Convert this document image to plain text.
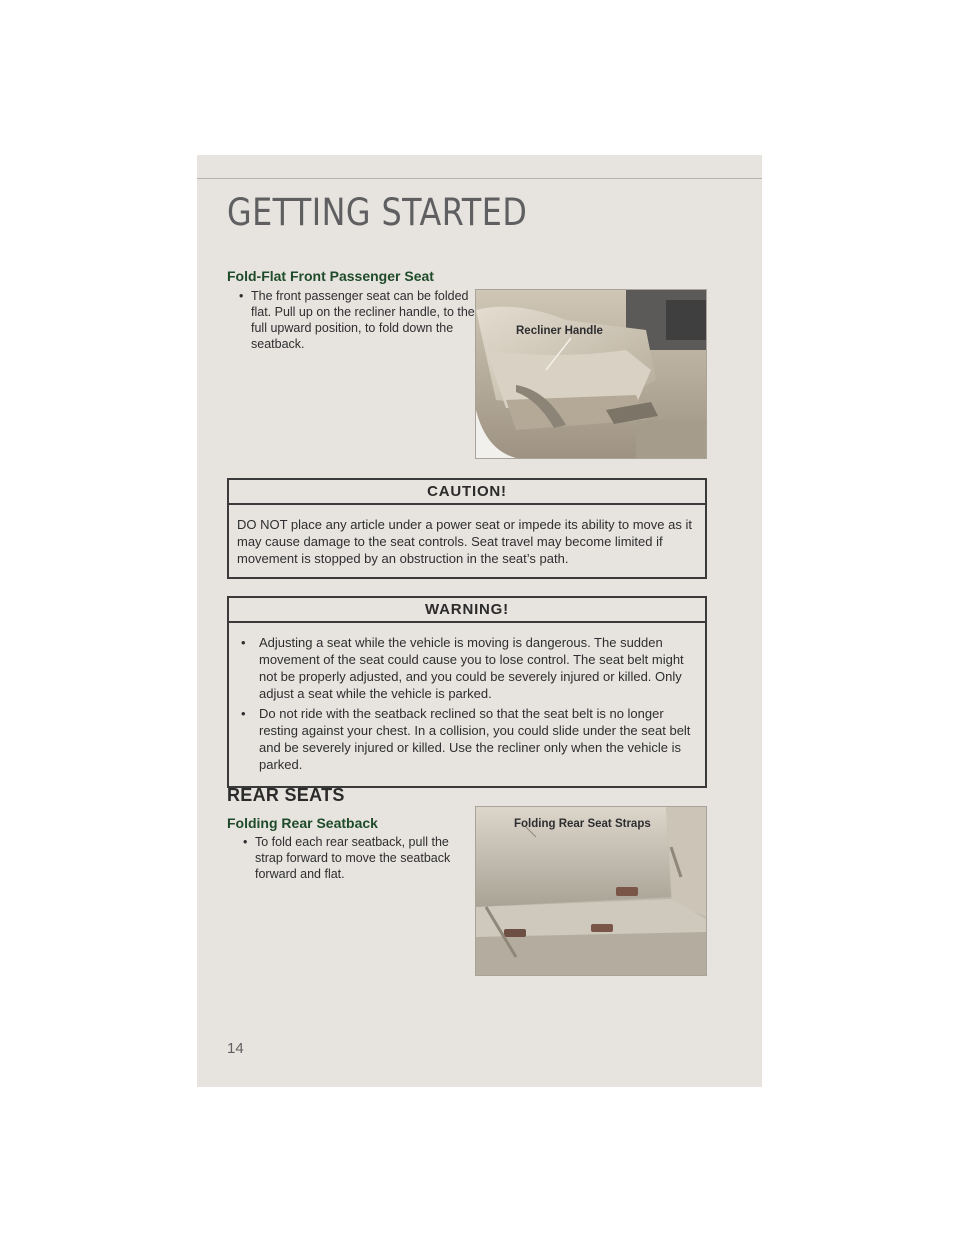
GETTING STARTED
Fold-Flat Front Passenger Seat
• The front passenger seat can be folded flat. Pull up on the recliner handle, to the full upward position, to fold down the seatback.
Recliner Handle
CAUTION!
DO NOT place any article under a power seat or impede its ability to move as it may cause damage to the seat controls. Seat travel may become limited if movement is stopped by an obstruction in the seat’s path.
WARNING!
• Adjusting a seat while the vehicle is moving is dangerous. The sudden movement of the seat could cause you to lose control. The seat belt might not be properly adjusted, and you could be severely injured or killed. Only adjust a seat while the vehicle is parked.
• Do not ride with the seatback reclined so that the seat belt is no longer resting against your chest. In a collision, you could slide under the seat belt and be severely injured or killed. Use the recliner only when the vehicle is parked.
REAR SEATS
Folding Rear Seatback
• To fold each rear seatback, pull the strap forward to move the seatback forward and flat.
Folding Rear Seat Straps
14
